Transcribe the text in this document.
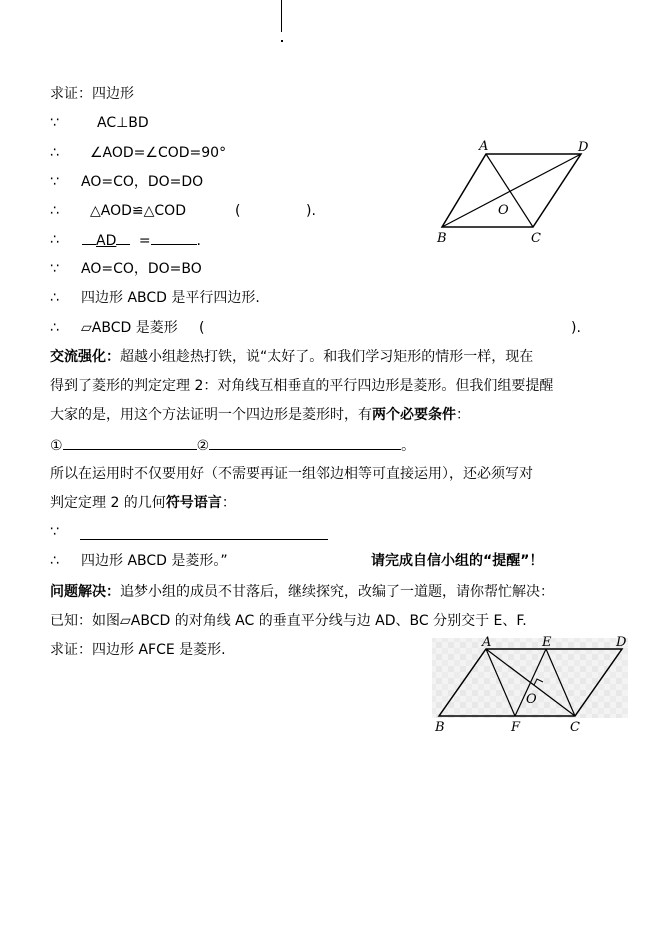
求证：四边形
∵	AC⊥BD
∴ ∠AOD=∠COD=90°
∵ AO=CO，DO=DO
∴ △AOD≌△COD	(	).
∴	AD =	.
∵ AO=CO，DO=BO
∴ 四边形 ABCD 是平行四边形.
∴ ▱ABCD 是菱形 (	).
A	D
B	C
O
交流强化：超越小组趁热打铁，说“太好了。和我们学习矩形的情形一样，现在
得到了菱形的判定定理 2：对角线互相垂直的平行四边形是菱形。但我们组要提醒
大家的是，用这个方法证明一个四边形是菱形时，有两个必要条件：
①	②	。
所以在运用时不仅要用好（不需要再证一组邻边相等可直接运用），还必须写对
判定定理 2 的几何符号语言：
∵
∴ 四边形 ABCD 是菱形。”	请完成自信小组的“提醒”！
问题解决：追梦小组的成员不甘落后，继续探究，改编了一道题，请你帮忙解决：
已知：如图▱ABCD 的对角线 AC 的垂直平分线与边 AD、BC 分别交于 E、F.
求证：四边形 AFCE 是菱形.	A	E	D
B	F	C
O
